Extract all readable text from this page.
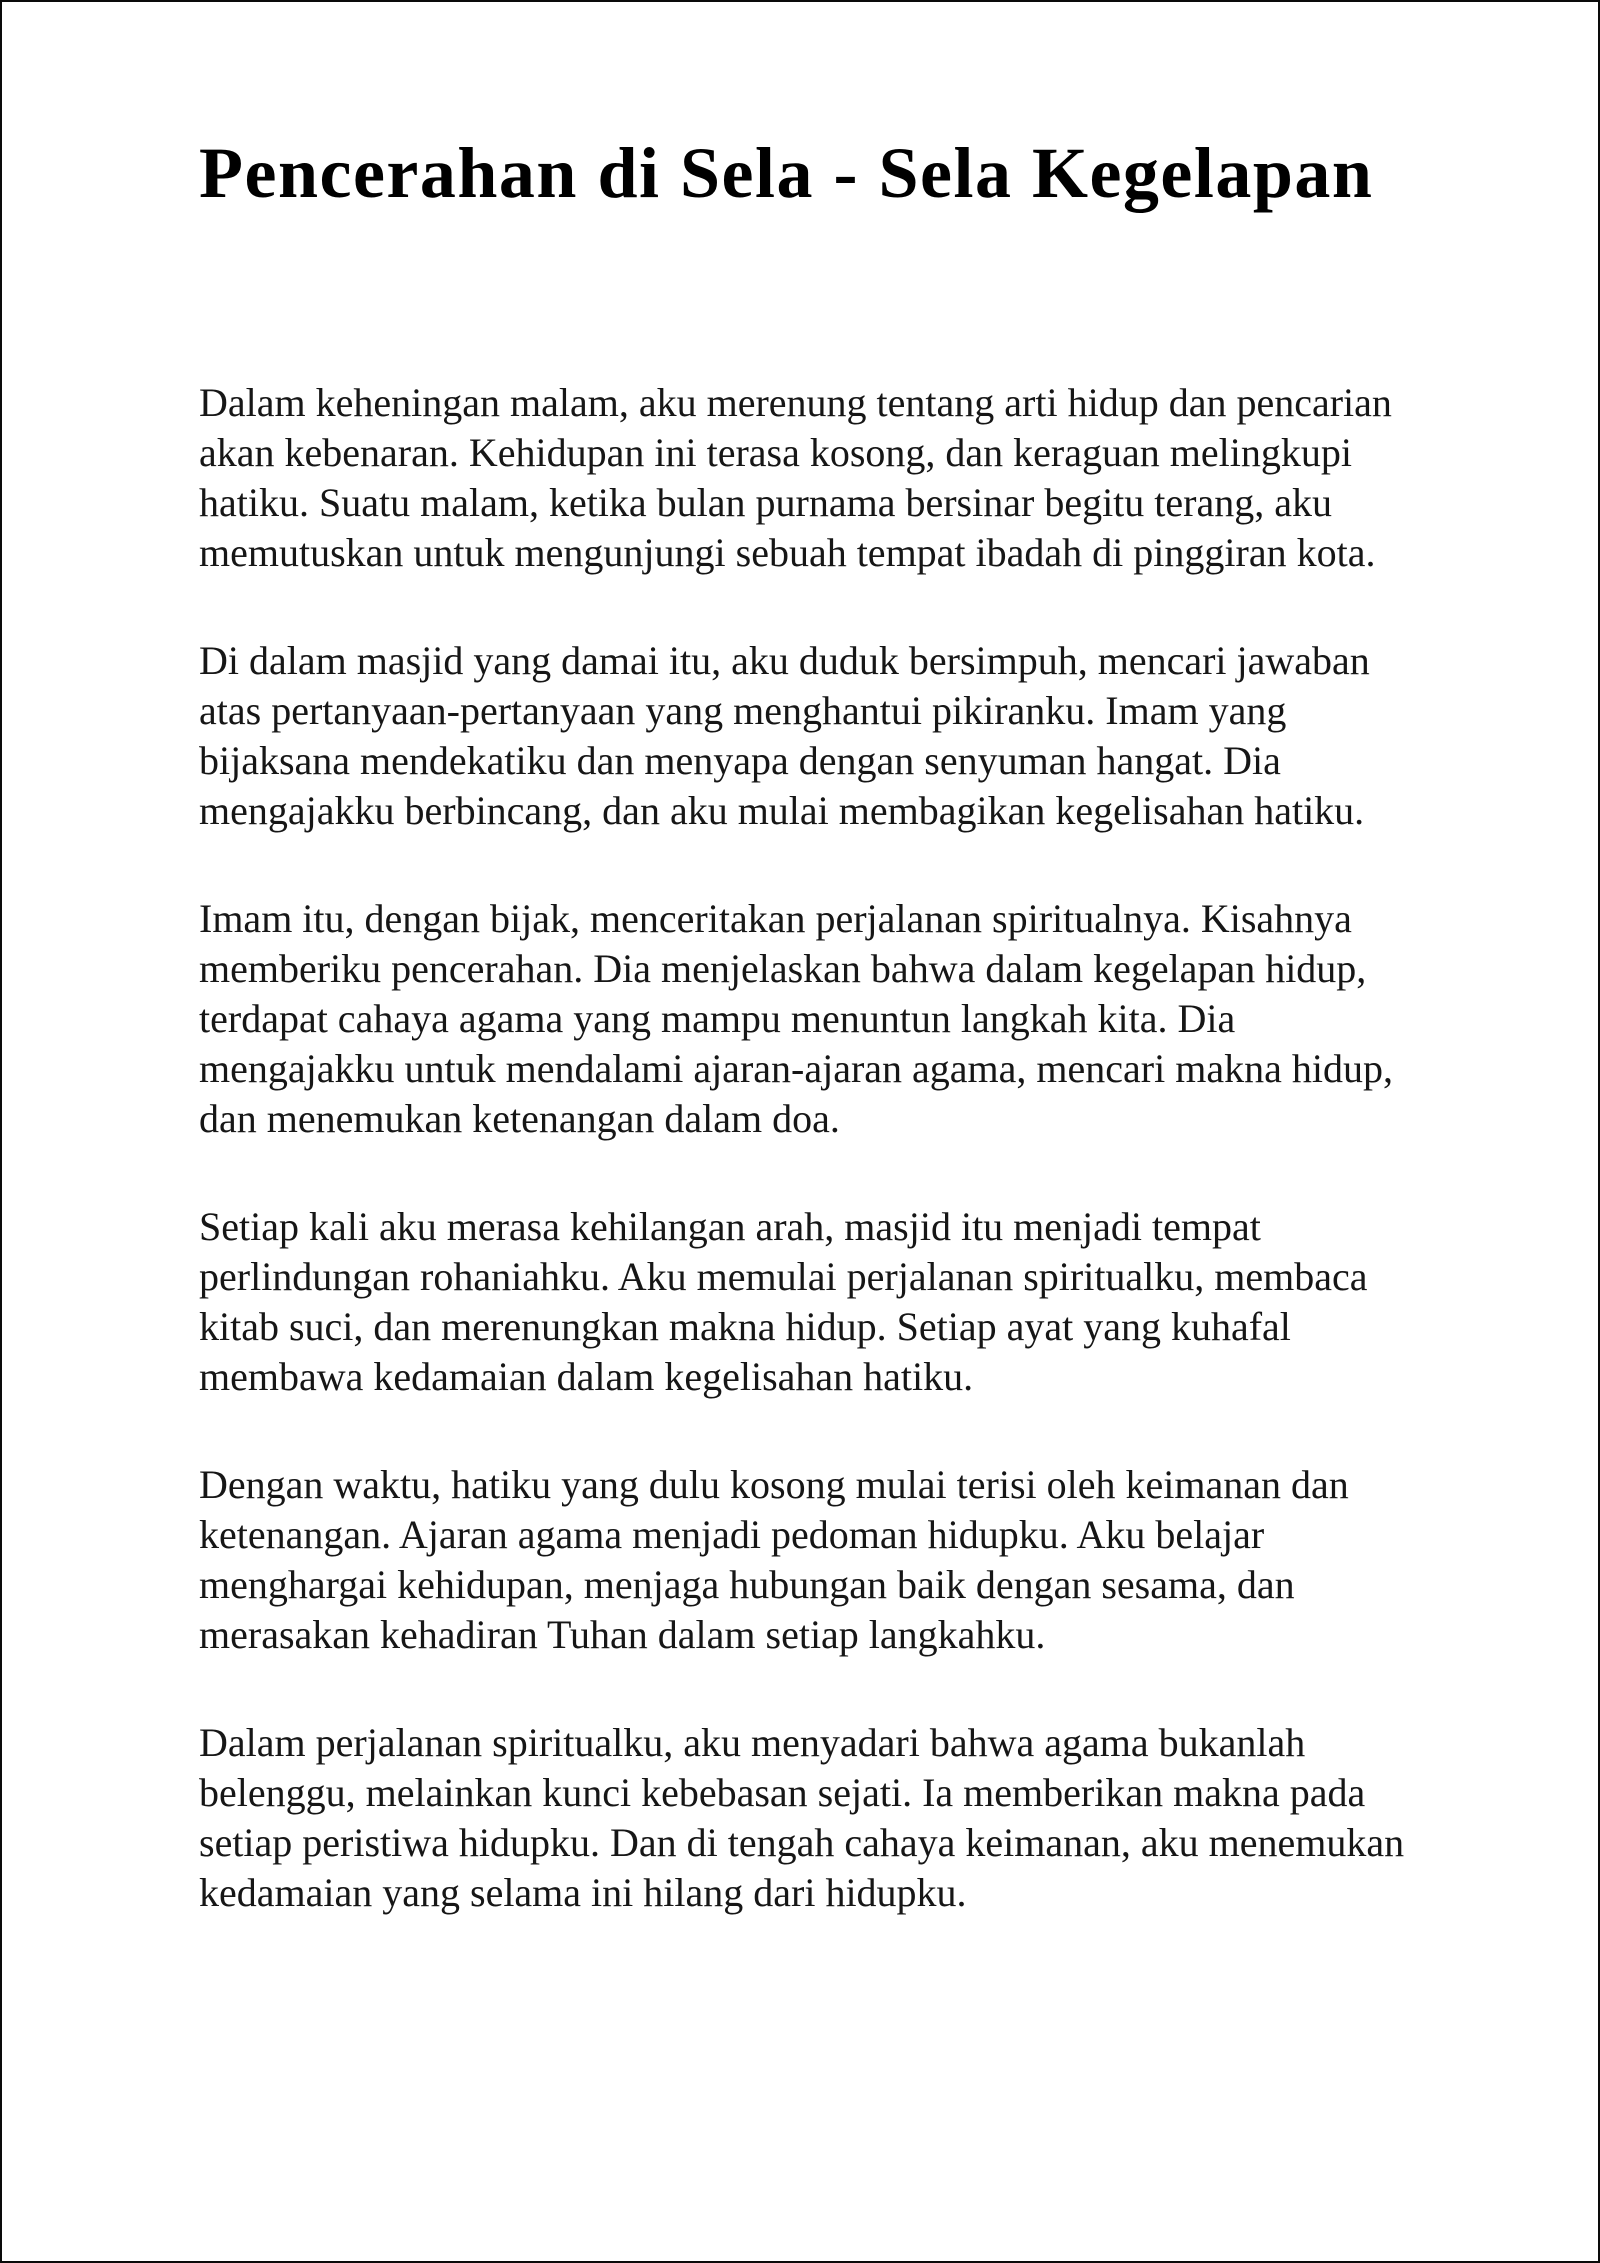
Pencerahan di Sela - Sela Kegelapan

Dalam keheningan malam, aku merenung tentang arti hidup dan pencarian akan kebenaran. Kehidupan ini terasa kosong, dan keraguan melingkupi hatiku. Suatu malam, ketika bulan purnama bersinar begitu terang, aku memutuskan untuk mengunjungi sebuah tempat ibadah di pinggiran kota.

Di dalam masjid yang damai itu, aku duduk bersimpuh, mencari jawaban atas pertanyaan-pertanyaan yang menghantui pikiranku. Imam yang bijaksana mendekatiku dan menyapa dengan senyuman hangat. Dia mengajakku berbincang, dan aku mulai membagikan kegelisahan hatiku.

Imam itu, dengan bijak, menceritakan perjalanan spiritualnya. Kisahnya memberiku pencerahan. Dia menjelaskan bahwa dalam kegelapan hidup, terdapat cahaya agama yang mampu menuntun langkah kita. Dia mengajakku untuk mendalami ajaran-ajaran agama, mencari makna hidup, dan menemukan ketenangan dalam doa.

Setiap kali aku merasa kehilangan arah, masjid itu menjadi tempat perlindungan rohaniahku. Aku memulai perjalanan spiritualku, membaca kitab suci, dan merenungkan makna hidup. Setiap ayat yang kuhafal membawa kedamaian dalam kegelisahan hatiku.

Dengan waktu, hatiku yang dulu kosong mulai terisi oleh keimanan dan ketenangan. Ajaran agama menjadi pedoman hidupku. Aku belajar menghargai kehidupan, menjaga hubungan baik dengan sesama, dan merasakan kehadiran Tuhan dalam setiap langkahku.

Dalam perjalanan spiritualku, aku menyadari bahwa agama bukanlah belenggu, melainkan kunci kebebasan sejati. Ia memberikan makna pada setiap peristiwa hidupku. Dan di tengah cahaya keimanan, aku menemukan kedamaian yang selama ini hilang dari hidupku.
